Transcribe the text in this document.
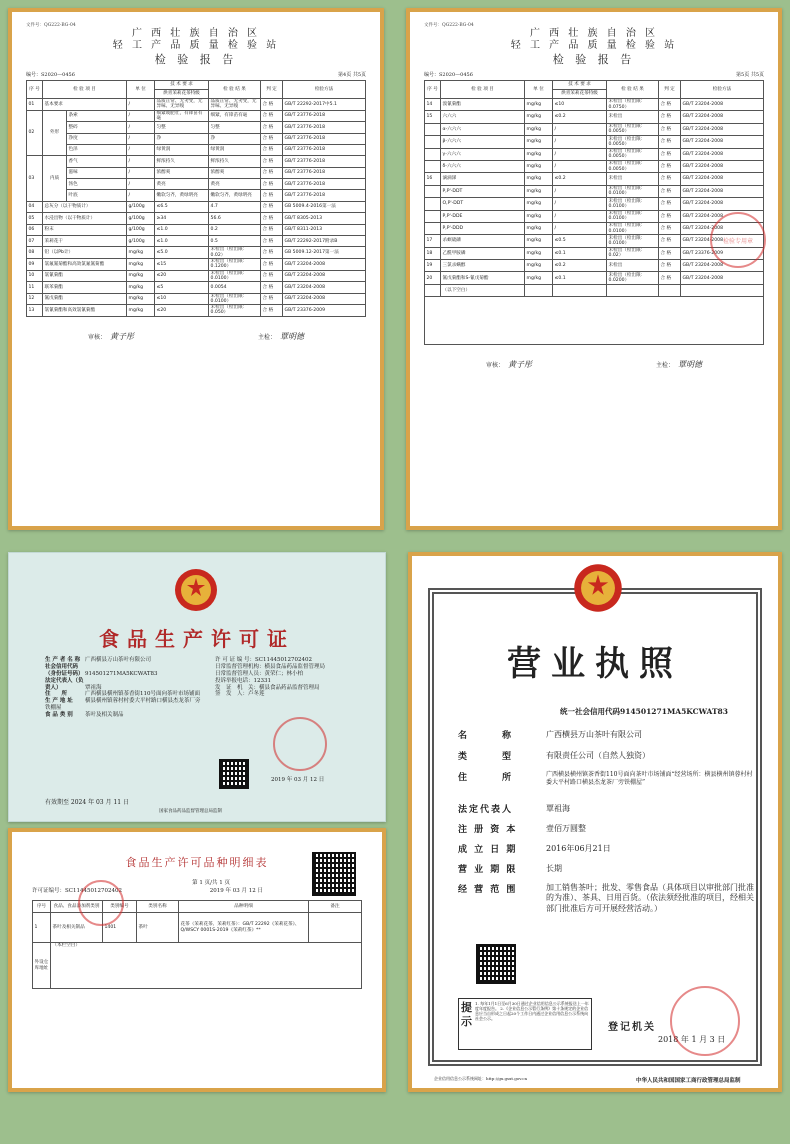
文件号：QG222-BG-04
广 西 壮 族 自 治 区
轻 工 产 品 质 量 检 验 站
检 验 报 告
编号：S2020—0456	第4页 共5页
序 号	检 验 项 目		单 位	技 术 要 求	检 验 结 果	判 定	检验方法
				烘青茉莉花茶特级			
01	基本要求		/	品质正常、无劣变，无异味、无异嗅	品质正常、无劣变，无异味、无异嗅	合 格	GB/T 22292-2017中5.1
02	外形	条索	/	细紧或肥壮，有锋苗有毫	细紧，有锋苗有毫	合 格	GB/T 23776-2018
		整碎	/	匀整	匀整	合 格	GB/T 23776-2018
		净度	/	净	净	合 格	GB/T 23776-2018
		色泽	/	绿黄润	绿黄润	合 格	GB/T 23776-2018
03	内质	香气	/	鲜浓持久	鲜浓持久	合 格	GB/T 23776-2018
		滋味	/	浓醇爽	浓醇爽	合 格	GB/T 23776-2018
		汤色	/	黄亮	黄亮	合 格	GB/T 23776-2018
		叶底	/	嫩软匀齐，黄绿明亮	嫩软匀齐，黄绿明亮	合 格	GB/T 23776-2018
04	总灰分（以干物质计）		g/100g	≤6.5	4.7	合 格	GB 5009.4-2016第一法
05	水浸出物（以干物质计）		g/100g	≥34	56.6	合 格	GB/T 8305-2013
06	粉末		g/100g	≤1.0	0.2	合 格	GB/T 8311-2013
07	茉莉花干		g/100g	≤1.0	0.5	合 格	GB/T 22292-2017附录B
08	铅（以Pb计）		mg/kg	≤5.0	未检出（检出限：0.02）	合 格	GB 5009.12-2017第一法
09	氯氟氰菊酯和高效氯氟氰菊酯		mg/kg	≤15	未检出（检出限：0.1200）	合 格	GB/T 23204-2008
10	氯氰菊酯		mg/kg	≤20	未检出（检出限：0.0100）	合 格	GB/T 23204-2008
11	联苯菊酯		mg/kg	≤5	0.0054	合 格	GB/T 23204-2008
12	氰戊菊酯		mg/kg	≤10	未检出（检出限：0.0100）	合 格	GB/T 23204-2008
13	氯氰菊酯和高效氯氰菊酯		mg/kg	≤20	未检出（检出限：0.050）	合 格	GB/T 23376-2009
审核： 黄子彤	主检： 覃明德
文件号：QG222-BG-04
广 西 壮 族 自 治 区
轻 工 产 品 质 量 检 验 站
检 验 报 告
编号：S2020—0456	第5页 共5页
序 号	检 验 项 目	单 位	技 术 要 求	检 验 结 果	判 定	检验方法
			烘青茉莉花茶特级			
14	溴氰菊酯	mg/kg	≤10	未检出（检出限：0.0750）	合 格	GB/T 23204-2008
15	六六六	mg/kg	≤0.2	未检出	合 格	GB/T 23204-2008
	α-六六六	mg/kg	/	未检出（检出限：0.0050）	合 格	GB/T 23204-2008
	β-六六六	mg/kg	/	未检出（检出限：0.0050）	合 格	GB/T 23204-2008
	γ-六六六	mg/kg	/	未检出（检出限：0.0050）	合 格	GB/T 23204-2008
	δ-六六六	mg/kg	/	未检出（检出限：0.0050）	合 格	GB/T 23204-2008
16	滴滴涕	mg/kg	≤0.2	未检出	合 格	GB/T 23204-2008
	P,P'-DDT	mg/kg	/	未检出（检出限：0.0100）	合 格	GB/T 23204-2008
	O,P'-DDT	mg/kg	/	未检出（检出限：0.0100）	合 格	GB/T 23204-2008
	P,P'-DDE	mg/kg	/	未检出（检出限：0.0100）	合 格	GB/T 23204-2008
	P,P'-DDD	mg/kg	/	未检出（检出限：0.0100）	合 格	GB/T 23204-2008
17	杀螟硫磷	mg/kg	≤0.5	未检出（检出限：0.0100）	合 格	GB/T 23204-2008
18	乙酰甲胺磷	mg/kg	≤0.1	未检出（检出限：0.02）	合 格	GB/T 23376-2009
19	三氯杀螨醇	mg/kg	≤0.2	未检出	合 格	GB/T 23204-2008
20	氰戊菊酯和S-氰戊菊酯	mg/kg	≤0.1	未检出（检出限：0.0200）	合 格	GB/T 23204-2008
	（以下空白）					

检验专用章
审核： 黄子彤	主检： 覃明德
食品生产许可证
生 产 者 名 称 广西横县万山茶叶有限公司
社会信用代码（身份证号码）914501271MA5KCWAT83
法定代表人（负责人）	覃祖海
住　　所	广西横县横州镇茶香街110号面向茶叶市场铺面
生 产 地 址 横县横州镇蓉村村委大平村路口横县杰龙茶厂旁铁棚屋
食 品 类 别 茶叶及相关制品
许 可 证 编 号：SC11445012702402
日常监督管理机构：横县食品药品监督管理局
日常监督管理人员：黄荣仁；林小柏
投诉举报电话：12331
发　证　机　关：横县食品药品监督管理局
签　发　人：卢冬莲
2019 年 03 月 12 日
有效期至 2024 年 03 月 11 日
国家食品药品监督管理总局监制
食品生产许可品种明细表
第 1 页/共 1 页
许可证编号：SC11445012702402	2019 年 03 月 12 日
序号	食品、食品添加剂类别	类别编号	类别名称	品种明细	备注
1	茶叶及相关制品	1401	茶叶	花茶（茉莉花茶、茉莉红茶）：GB/T 22292《茉莉花茶》、Q/WSCY 0001S-2019《茉莉红茶》**	
外设仓库地址	（本栏空白）				
营业执照
统一社会信用代码914501271MA5KCWAT83
名　　　称	广西横县万山茶叶有限公司
类　　　型	有限责任公司（自然人独资）
住　　　所	广西横县横州镇茶香街110号面向茶叶市场铺面“经营场所：横县横州镇蓉村村委大平村路口横县杰龙茶厂旁铁棚屋”
法定代表人	覃祖海
注 册 资 本	壹佰万圆整
成 立 日 期	2016年06月21日
营 业 期 限	长期
经 营 范 围	加工销售茶叶；批发、零售食品（具体项目以审批部门批准的为准）、茶具、日用百货。（依法须经批准的项目，经相关部门批准后方可开展经营活动。）
提示
1. 每年1月1日至6月30日通过企业信用信息公示系统报送上一年度年度报告。 2.《企业信息公示暂行条例》第十条规定的企业信息应当自形成之日起20个工作日内通过企业信用信息公示系统向社会公示。
登记机关
2018 年 1 月 3 日
企业信用信息公示系统网址：http://gx.gsxt.gov.cn	中华人民共和国国家工商行政管理总局监制
